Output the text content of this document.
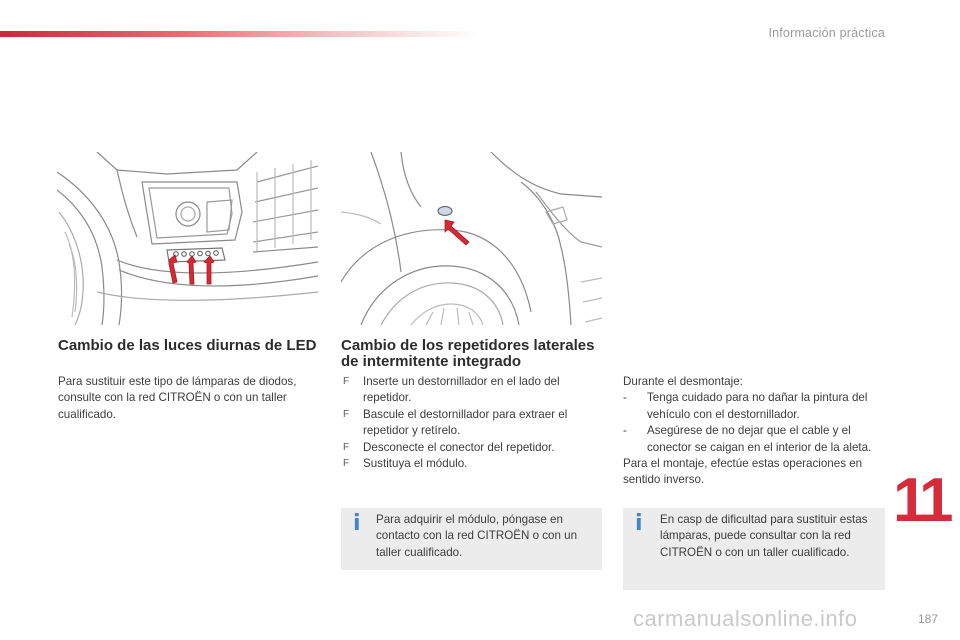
Información práctica
Cambio de las luces diurnas de LED

Para sustituir este tipo de lámparas de diodos, consulte con la red CITROËN o con un taller cualificado.

Cambio de los repetidores laterales de intermitente integrado
F Inserte un destornillador en el lado del repetidor.
F Bascule el destornillador para extraer el repetidor y retírelo.
F Desconecte el conector del repetidor.
F Sustituya el módulo.

Durante el desmontaje:

- Tenga cuidado para no dañar la pintura del vehículo con el destornillador.

- Asegúrese de no dejar que el cable y el conector se caigan en el interior de la aleta.

Para el montaje, efectúe estas operaciones en sentido inverso.

i Para adquirir el módulo, póngase en contacto con la red CITROËN o con un taller cualificado.
i En casp de dificultad para sustituir estas lámparas, puede consultar con la red CITROËN o con un taller cualificado.
11
carmanualsonline.info	187
